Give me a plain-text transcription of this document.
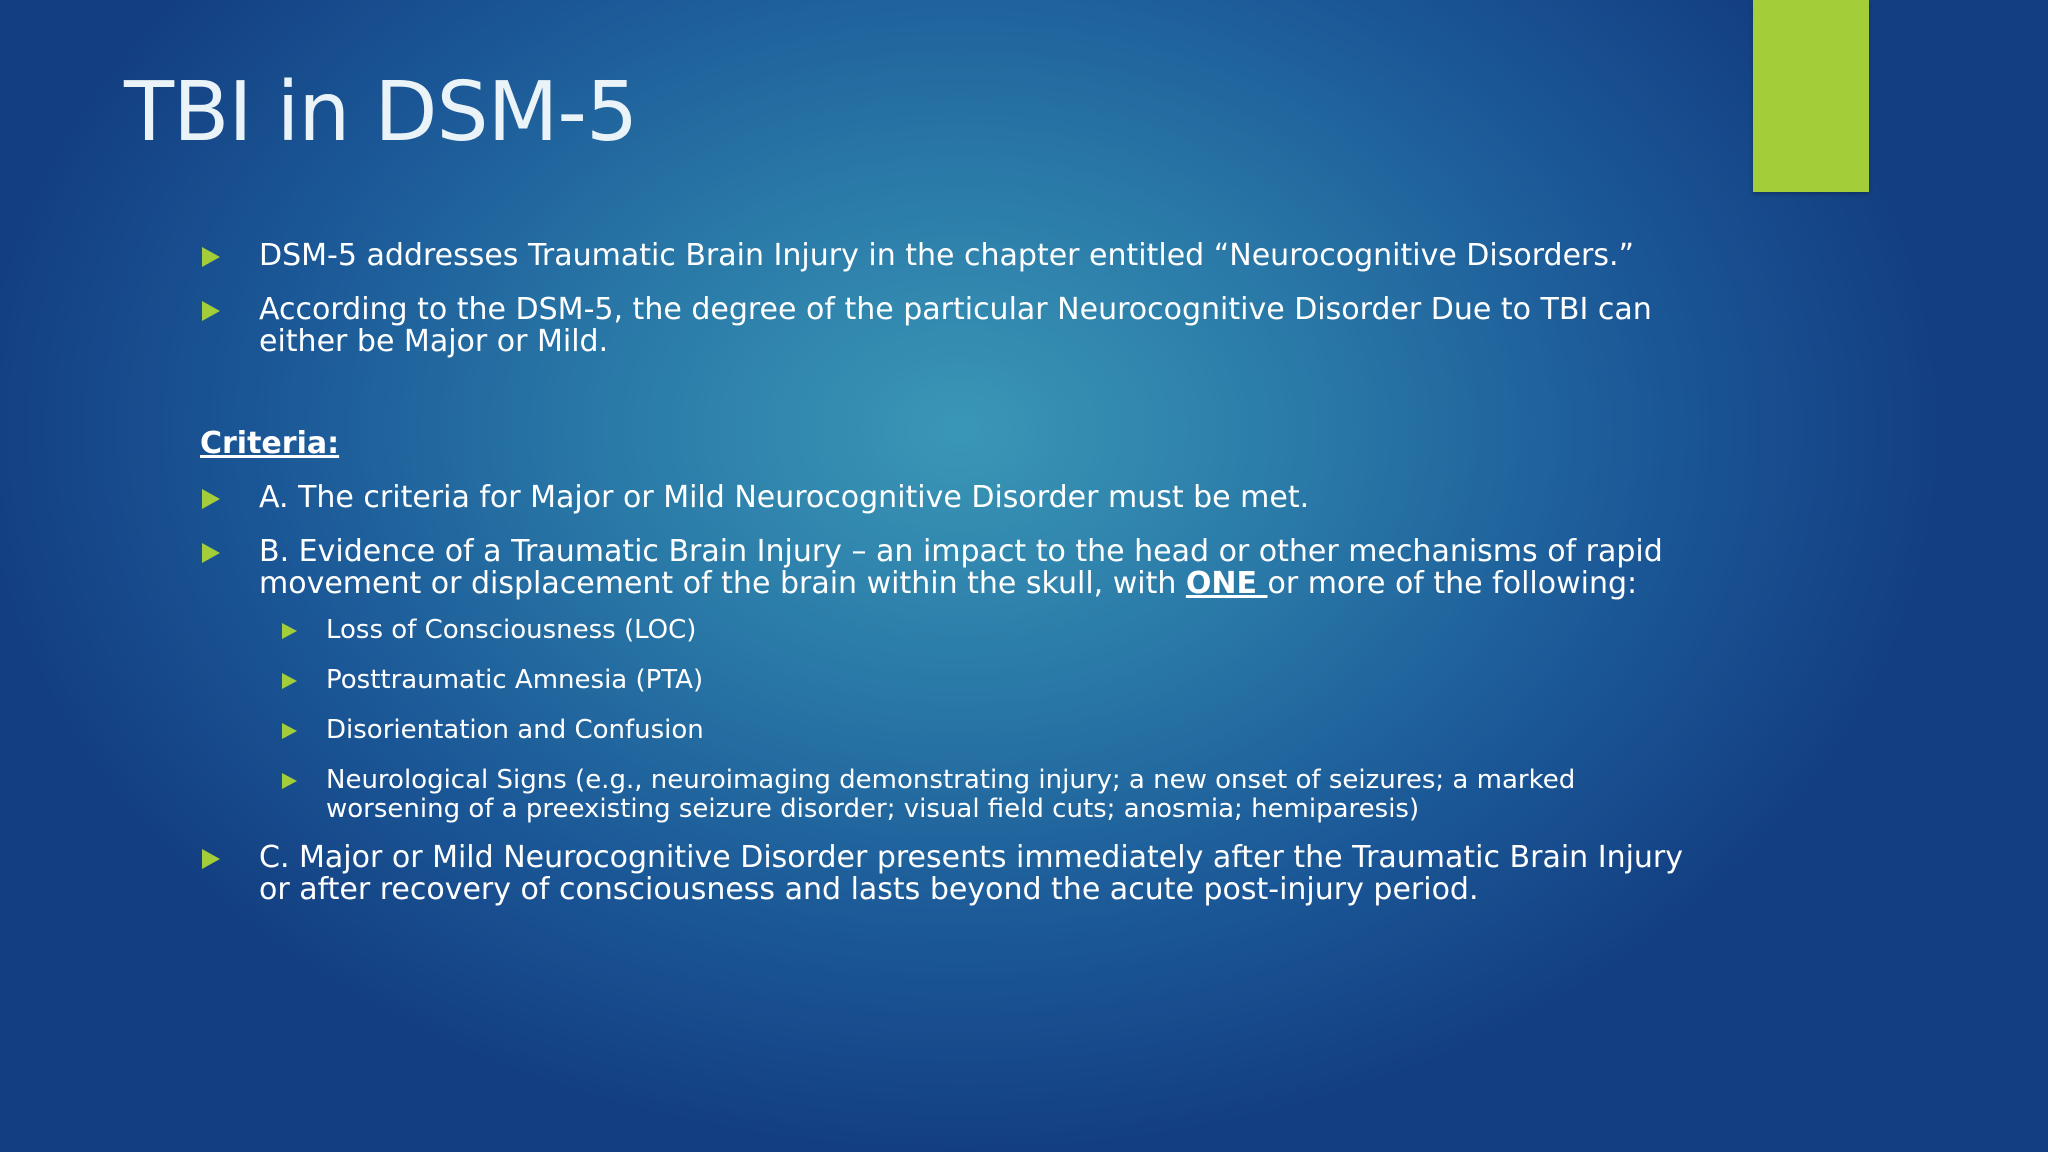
TBI in DSM-5
DSM-5 addresses Traumatic Brain Injury in the chapter entitled “Neurocognitive Disorders.”
According to the DSM-5, the degree of the particular Neurocognitive Disorder Due to TBI can either be Major or Mild.
Criteria:
A. The criteria for Major or Mild Neurocognitive Disorder must be met.
B. Evidence of a Traumatic Brain Injury – an impact to the head or other mechanisms of rapid movement or displacement of the brain within the skull, with ONE or more of the following:
Loss of Consciousness (LOC)
Posttraumatic Amnesia (PTA)
Disorientation and Confusion
Neurological Signs (e.g., neuroimaging demonstrating injury; a new onset of seizures; a marked worsening of a preexisting seizure disorder; visual field cuts; anosmia; hemiparesis)
C. Major or Mild Neurocognitive Disorder presents immediately after the Traumatic Brain Injury or after recovery of consciousness and lasts beyond the acute post-injury period.
